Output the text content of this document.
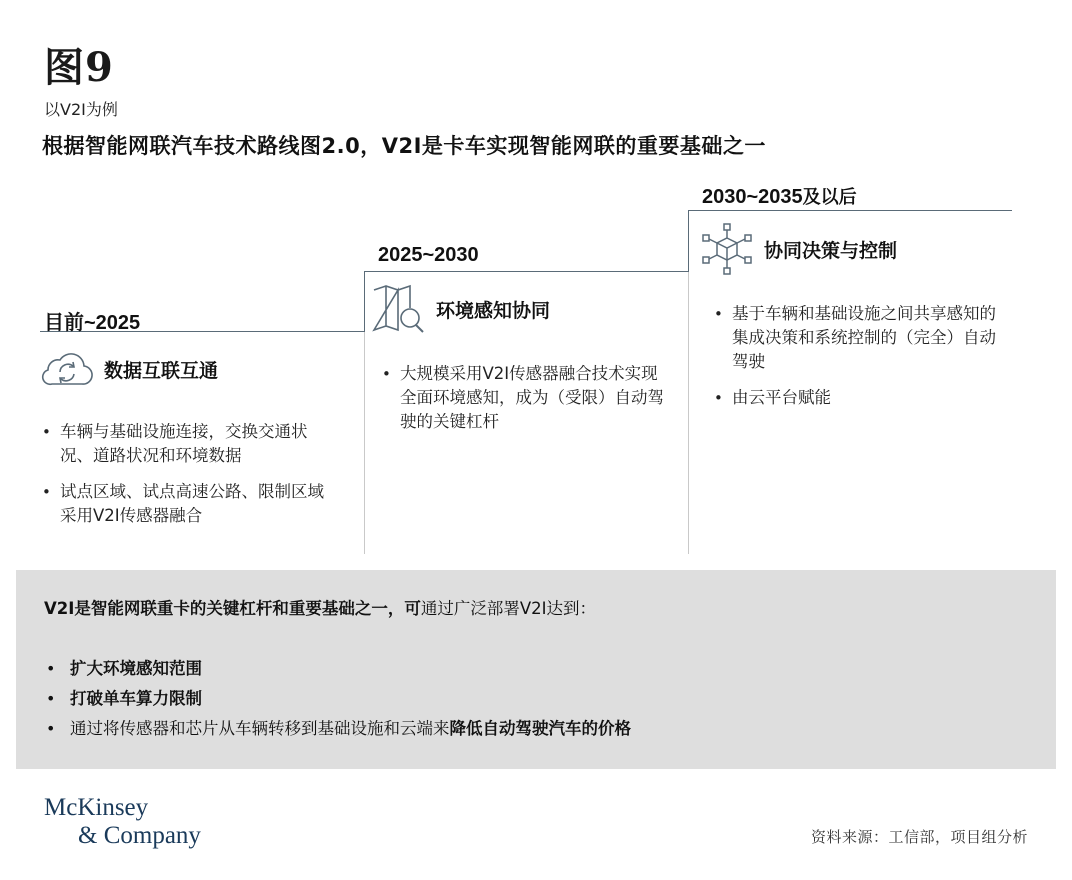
图9
以V2I为例
根据智能网联汽车技术路线图2.0，V2I是卡车实现智能网联的重要基础之一
目前~2025
2025~2030
2030~2035及以后
数据互联互通
环境感知协同
协同决策与控制
• 车辆与基础设施连接，交换交通状况、道路状况和环境数据
• 试点区域、试点高速公路、限制区域采用V2I传感器融合
• 大规模采用V2I传感器融合技术实现全面环境感知，成为（受限）自动驾驶的关键杠杆
• 基于车辆和基础设施之间共享感知的集成决策和系统控制的（完全）自动驾驶
• 由云平台赋能
V2I是智能网联重卡的关键杠杆和重要基础之一，可通过广泛部署V2I达到：
• 扩大环境感知范围
• 打破单车算力限制
• 通过将传感器和芯片从车辆转移到基础设施和云端来降低自动驾驶汽车的价格
McKinsey
& Company	资料来源：工信部，项目组分析
